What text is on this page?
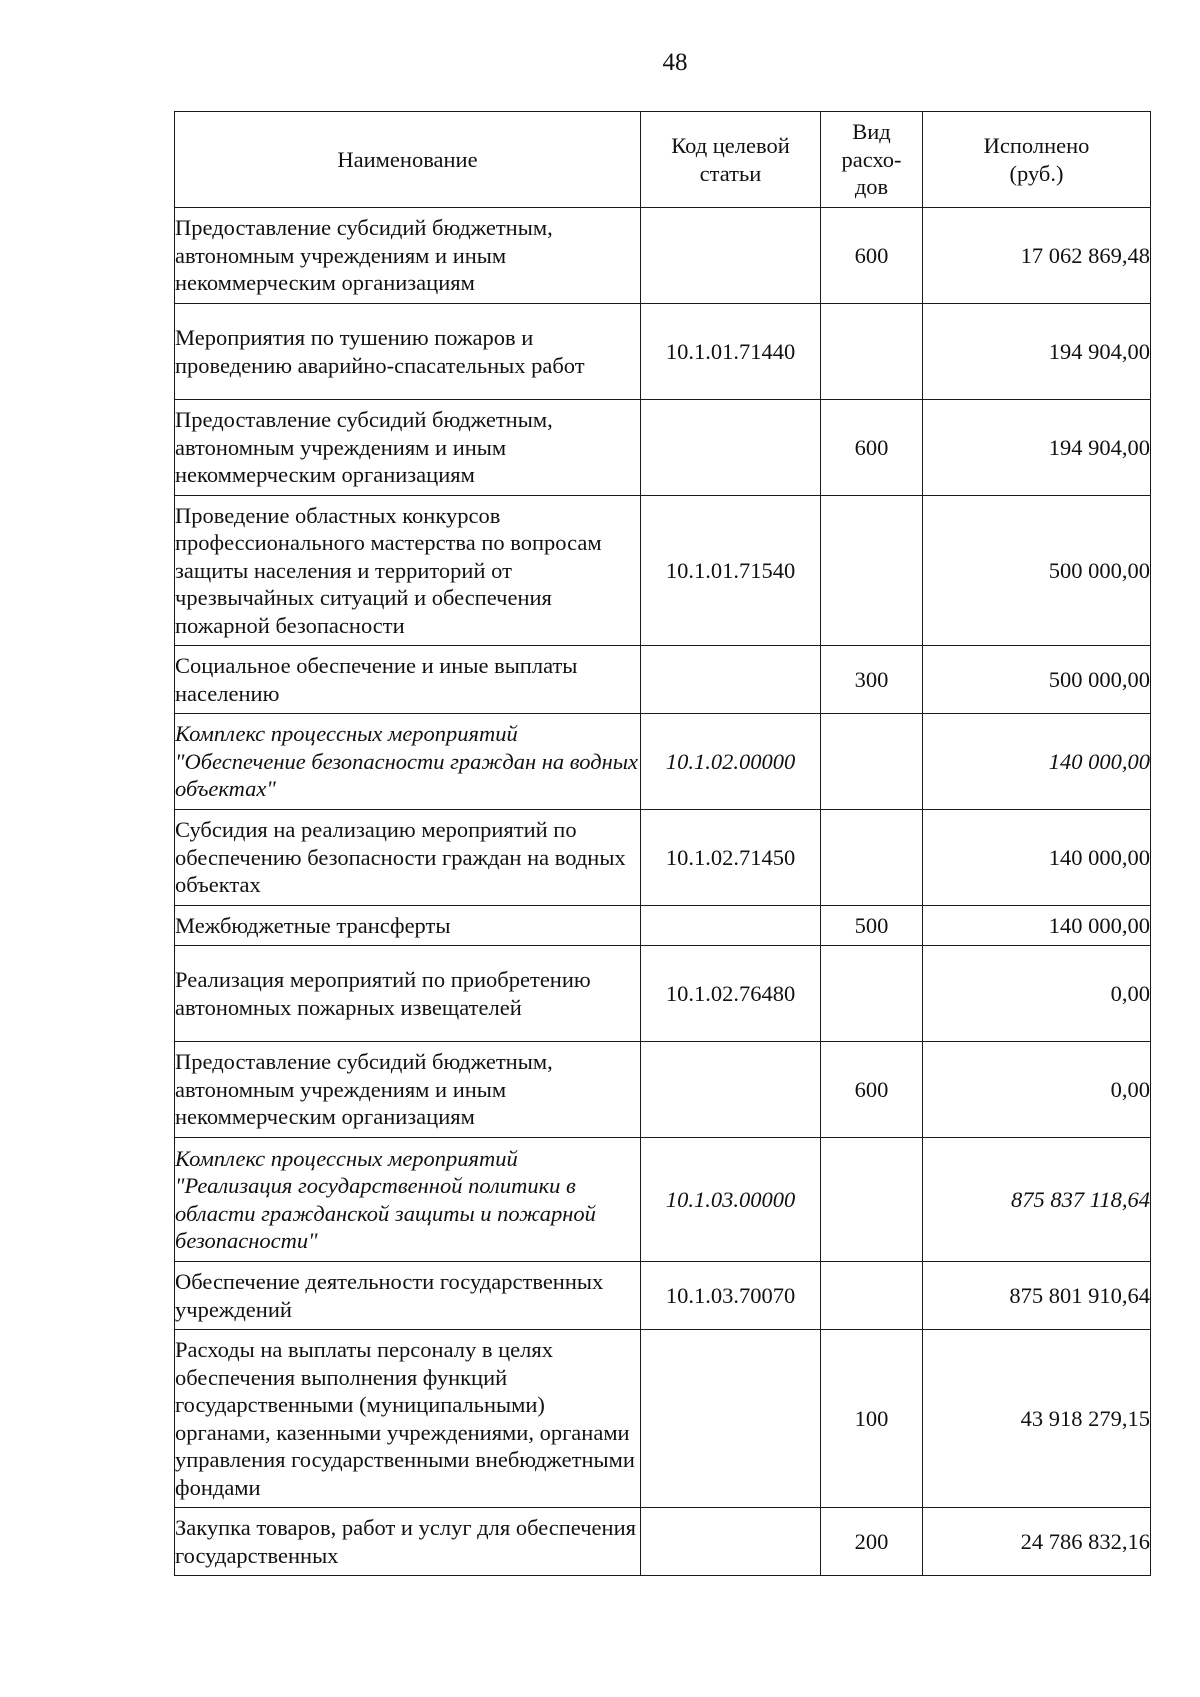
48
Наименование	Код целевой статьи	Вид расхо-дов	Исполнено (руб.)
Предоставление субсидий бюджетным, автономным учреждениям и иным некоммерческим организациям		600	17 062 869,48
Мероприятия по тушению пожаров и проведению аварийно-спасательных работ	10.1.01.71440		194 904,00
Предоставление субсидий бюджетным, автономным учреждениям и иным некоммерческим организациям		600	194 904,00
Проведение областных конкурсов профессионального мастерства по вопросам защиты населения и территорий от чрезвычайных ситуаций и обеспечения пожарной безопасности	10.1.01.71540		500 000,00
Социальное обеспечение и иные выплаты населению		300	500 000,00
Комплекс процессных мероприятий "Обеспечение безопасности граждан на водных объектах"	10.1.02.00000		140 000,00
Субсидия на реализацию мероприятий по обеспечению безопасности граждан на водных объектах	10.1.02.71450		140 000,00
Межбюджетные трансферты		500	140 000,00
Реализация мероприятий по приобретению автономных пожарных извещателей	10.1.02.76480		0,00
Предоставление субсидий бюджетным, автономным учреждениям и иным некоммерческим организациям		600	0,00
Комплекс процессных мероприятий "Реализация государственной политики в области гражданской защиты и пожарной безопасности"	10.1.03.00000		875 837 118,64
Обеспечение деятельности государственных учреждений	10.1.03.70070		875 801 910,64
Расходы на выплаты персоналу в целях обеспечения выполнения функций государственными (муниципальными) органами, казенными учреждениями, органами управления государственными внебюджетными фондами		100	43 918 279,15
Закупка товаров, работ и услуг для обеспечения государственных		200	24 786 832,16
